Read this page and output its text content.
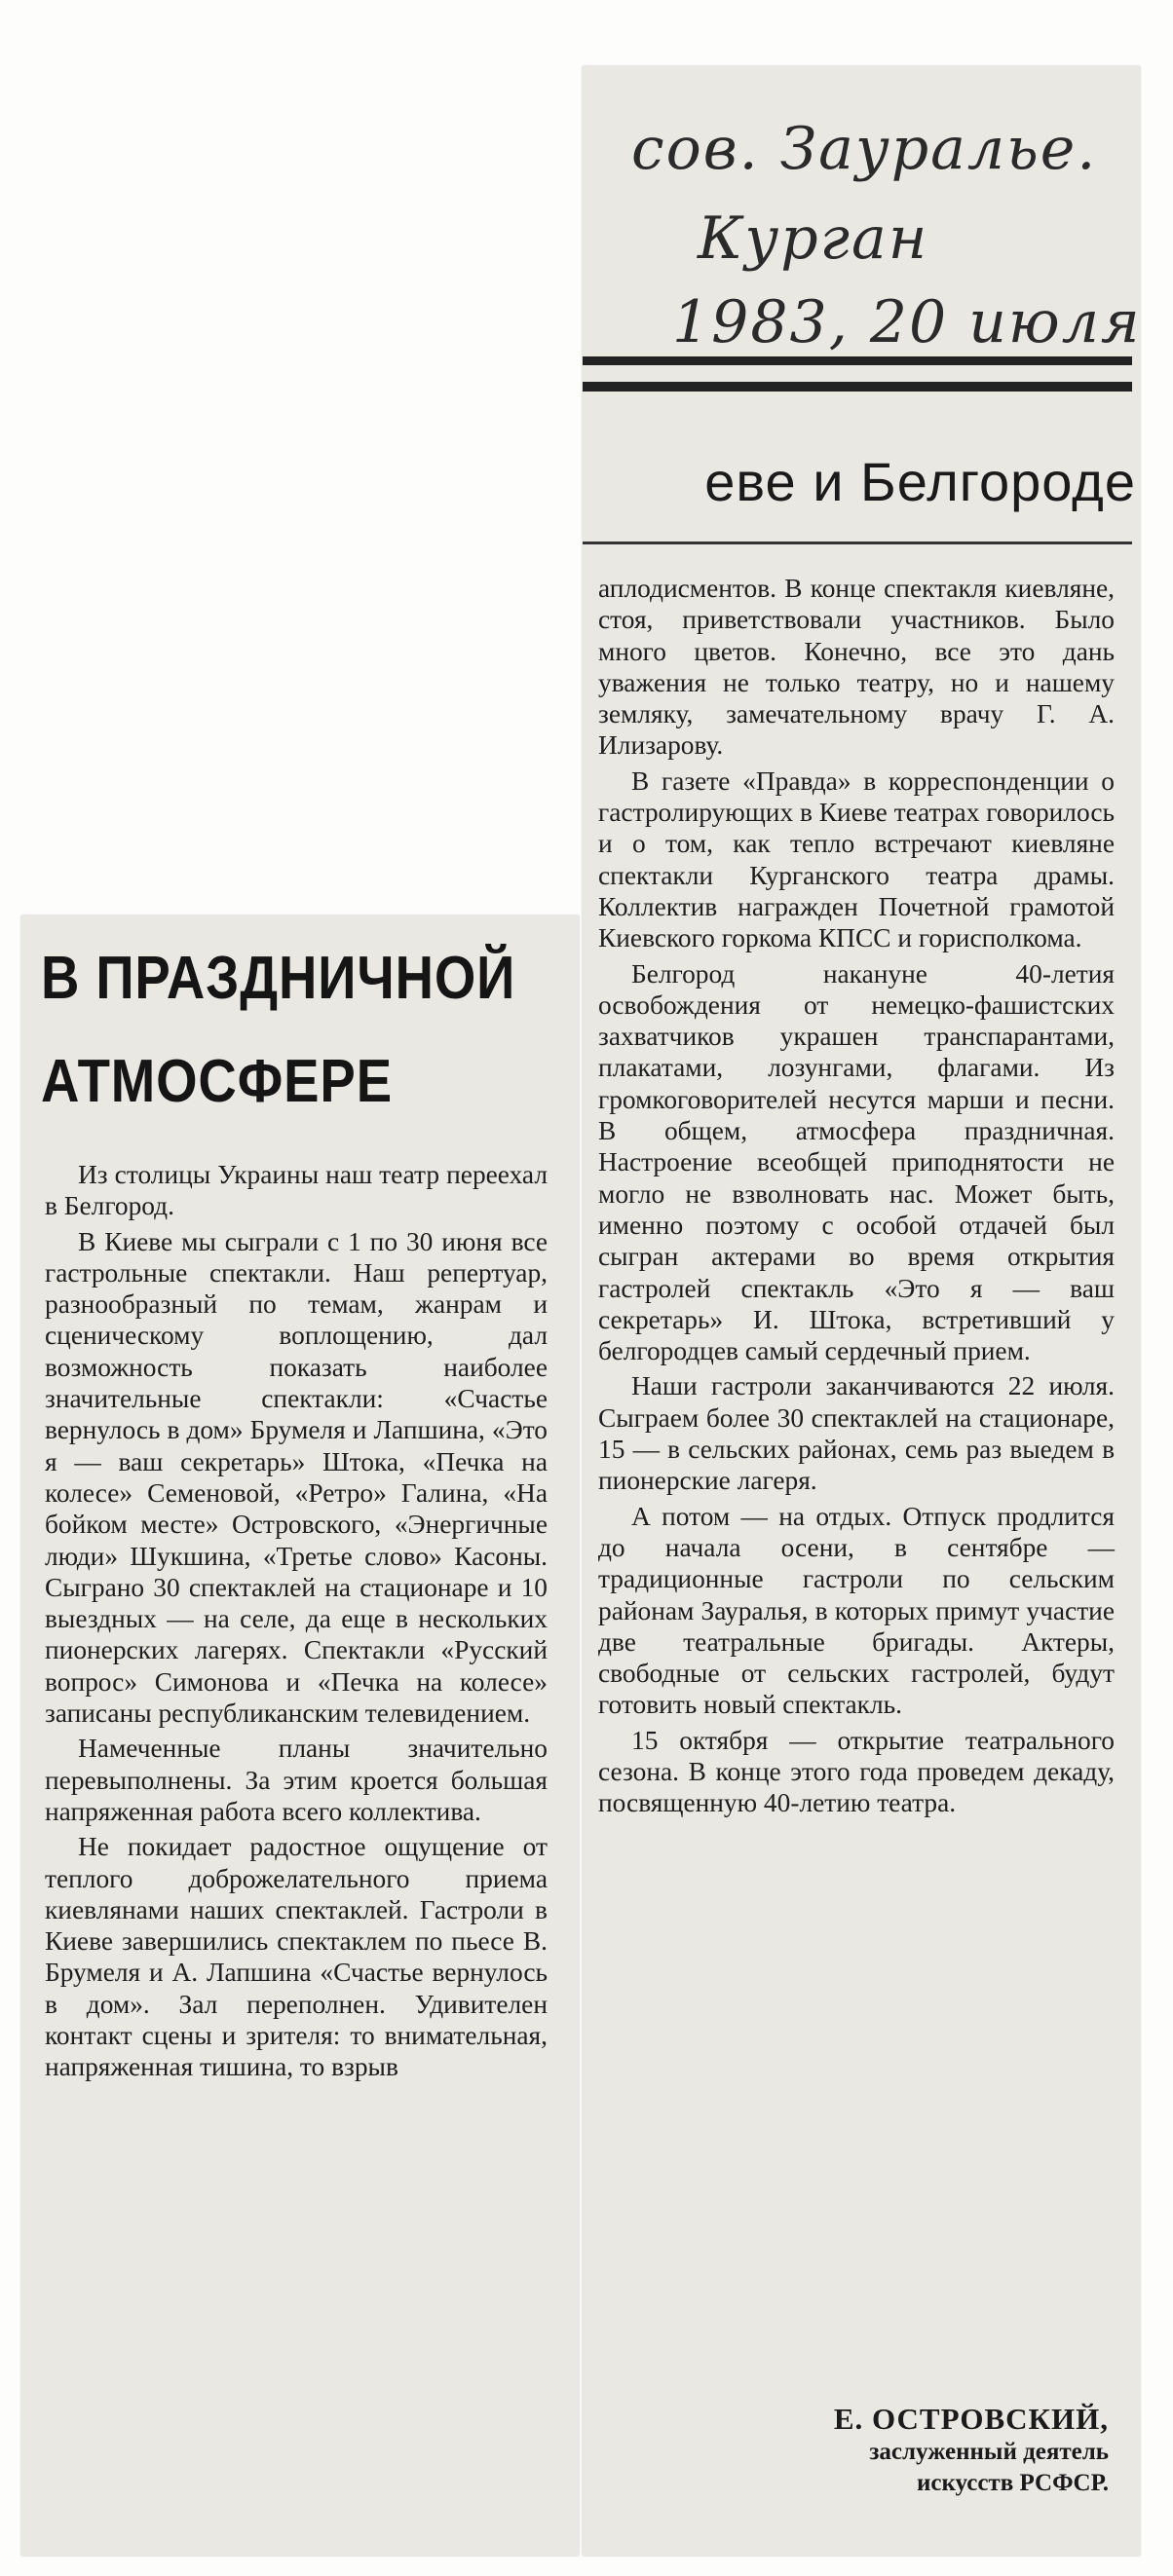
сов. Зауралье.
Курган
1983, 20 июля
еве и Белгороде
В ПРАЗДНИЧНОЙ
АТМОСФЕРЕ

Из столицы Украины наш театр переехал в Белгород.

В Киеве мы сыграли с 1 по 30 июня все гастрольные спектакли. Наш репертуар, разнообразный по темам, жанрам и сценическому воплощению, дал возможность показать наиболее значительные спектакли: «Счастье вернулось в дом» Брумеля и Лапшина, «Это я — ваш секретарь» Штока, «Печка на колесе» Семеновой, «Ретро» Галина, «На бойком месте» Островского, «Энергичные люди» Шукшина, «Третье слово» Касоны. Сыграно 30 спектаклей на стационаре и 10 выездных — на селе, да еще в нескольких пионерских лагерях. Спектакли «Русский вопрос» Симонова и «Печка на колесе» записаны республиканским телевидением.

Намеченные планы значительно перевыполнены. За этим кроется большая напряженная работа всего коллектива.

Не покидает радостное ощущение от теплого доброжелательного приема киевлянами наших спектаклей. Гастроли в Киеве завершились спектаклем по пьесе В. Брумеля и А. Лапшина «Счастье вернулось в дом». Зал переполнен. Удивителен контакт сцены и зрителя: то внимательная, напряженная тишина, то взрыв

аплодисментов. В конце спектакля киевляне, стоя, приветствовали участников. Было много цветов. Конечно, все это дань уважения не только театру, но и нашему земляку, замечательному врачу Г. А. Илизарову.

В газете «Правда» в корреспонденции о гастролирующих в Киеве театрах говорилось и о том, как тепло встречают киевляне спектакли Курганского театра драмы. Коллектив награжден Почетной грамотой Киевского горкома КПСС и горисполкома.

Белгород накануне 40-летия освобождения от немецко-фашистских захватчиков украшен транспарантами, плакатами, лозунгами, флагами. Из громкоговорителей несутся марши и песни. В общем, атмосфера праздничная. Настроение всеобщей приподнятости не могло не взволновать нас. Может быть, именно поэтому с особой отдачей был сыгран актерами во время открытия гастролей спектакль «Это я — ваш секретарь» И. Штока, встретивший у белгородцев самый сердечный прием.

Наши гастроли заканчиваются 22 июля. Сыграем более 30 спектаклей на стационаре, 15 — в сельских районах, семь раз выедем в пионерские лагеря.

А потом — на отдых. Отпуск продлится до начала осени, в сентябре — традиционные гастроли по сельским районам Зауралья, в которых примут участие две театральные бригады. Актеры, свободные от сельских гастролей, будут готовить новый спектакль.

15 октября — открытие театрального сезона. В конце этого года проведем декаду, посвященную 40-летию театра.

Е. ОСТРОВСКИЙ,
заслуженный деятель
искусств РСФСР.
